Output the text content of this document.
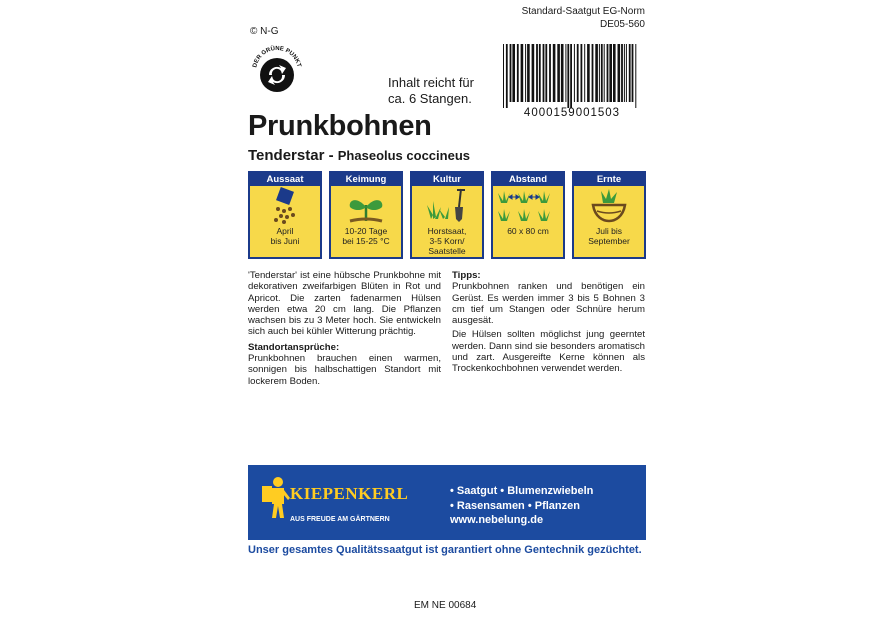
© N-G
Standard-Saatgut EG-Norm
DE05-560
DER GRÜNE PUNKT
Inhalt reicht für
ca. 6 Stangen.
4000159001503
Prunkbohnen
Tenderstar - Phaseolus coccineus
Aussaat
April
bis Juni
Keimung
10-20 Tage
bei 15-25 °C
Kultur
Horstsaat,
3-5 Korn/
Saatstelle
Abstand
60 x 80 cm
Ernte
Juli bis
September

'Tenderstar' ist eine hübsche Prunkbohne mit dekorativen zweifarbigen Blüten in Rot und Apricot. Die zarten fadenarmen Hülsen werden etwa 20 cm lang. Die Pflanzen wachsen bis zu 3 Meter hoch. Sie entwickeln sich auch bei kühler Witterung prächtig.

Standortansprüche:

Prunkbohnen brauchen einen warmen, sonnigen bis halbschattigen Standort mit lockerem Boden.

Tipps:

Prunkbohnen ranken und benötigen ein Gerüst. Es werden immer 3 bis 5 Bohnen 3 cm tief um Stangen oder Schnüre herum ausgesät.

Die Hülsen sollten möglichst jung geerntet werden. Dann sind sie besonders aromatisch und zart. Ausgereifte Kerne können als Trockenkochbohnen verwendet werden.

KIEPENKERL
AUS FREUDE AM GÄRTNERN
• Saatgut • Blumenzwiebeln
• Rasensamen • Pflanzen
www.nebelung.de
Unser gesamtes Qualitätssaatgut ist garantiert ohne Gentechnik gezüchtet.
EM NE 00684
